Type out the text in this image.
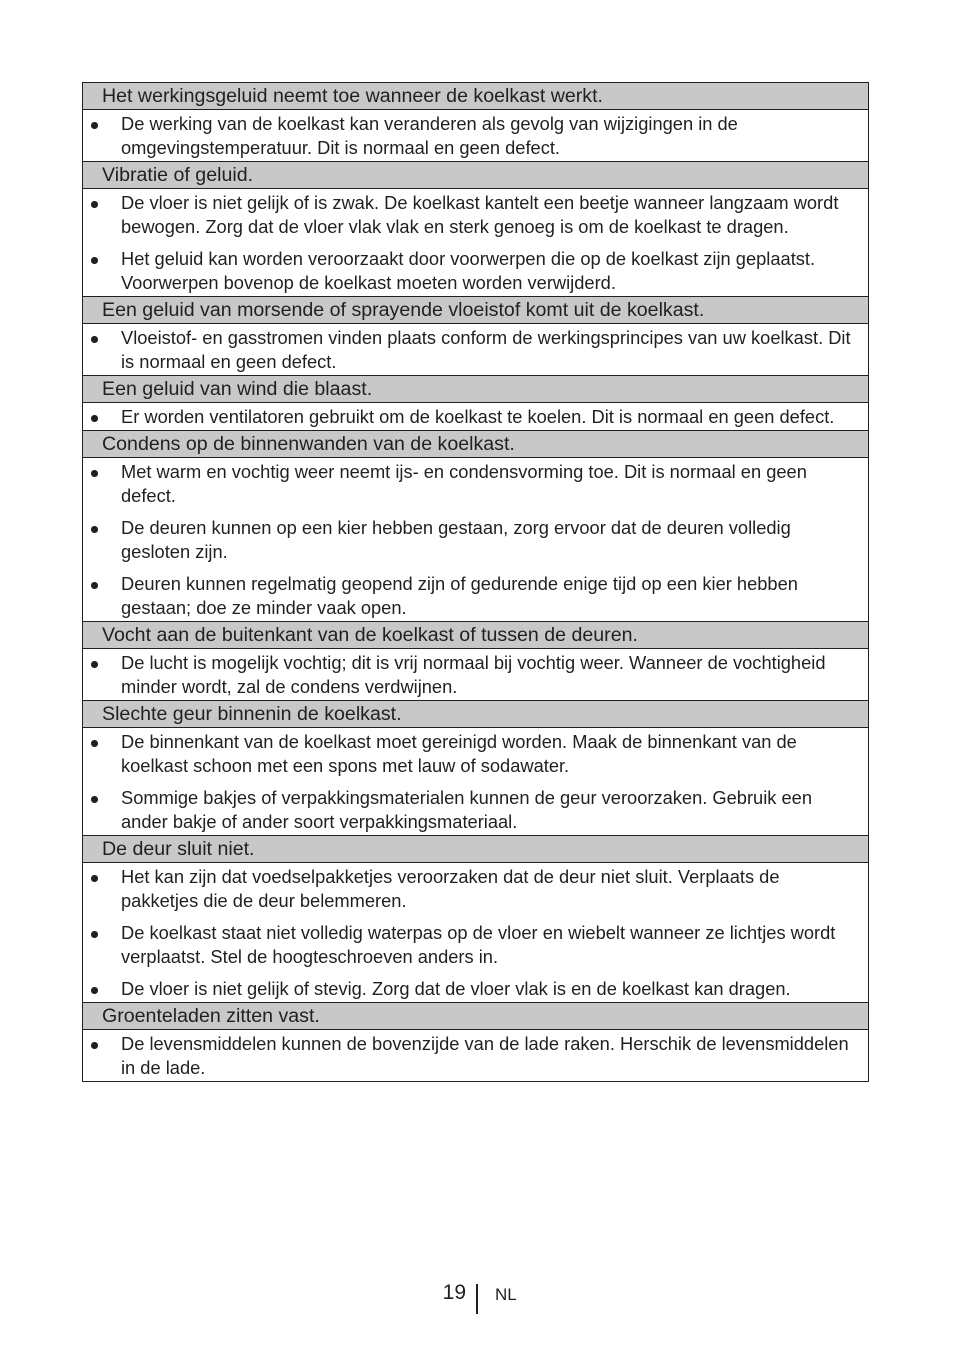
Het werkingsgeluid neemt toe wanneer de koelkast werkt.
De werking van de koelkast kan veranderen als gevolg van wijzigingen in de
omgevingstemperatuur. Dit is normaal en geen defect.
Vibratie of geluid.
De vloer is niet gelijk of is zwak. De koelkast kantelt een beetje wanneer langzaam wordt
bewogen. Zorg dat de vloer vlak vlak en sterk genoeg is om de koelkast te dragen.
Het geluid kan worden veroorzaakt door voorwerpen die op de koelkast zijn geplaatst.
Voorwerpen bovenop de koelkast moeten worden verwijderd.
Een geluid van morsende of sprayende vloeistof komt uit de koelkast.
Vloeistof- en gasstromen vinden plaats conform de werkingsprincipes van uw koelkast. Dit
is normaal en geen defect.
Een geluid van wind die blaast.
Er worden ventilatoren gebruikt om de koelkast te koelen. Dit is normaal en geen defect.
Condens op de binnenwanden van de koelkast.
Met warm en vochtig weer neemt ijs- en condensvorming toe. Dit is normaal en geen
defect.
De deuren kunnen op een kier hebben gestaan, zorg ervoor dat de deuren volledig
gesloten zijn.
Deuren kunnen regelmatig geopend zijn of gedurende enige tijd op een kier hebben
gestaan; doe ze minder vaak open.
Vocht aan de buitenkant van de koelkast of tussen de deuren.
De lucht is mogelijk vochtig; dit is vrij normaal bij vochtig weer. Wanneer de vochtigheid
minder wordt, zal de condens verdwijnen.
Slechte geur binnenin de koelkast.
De binnenkant van de koelkast moet gereinigd worden. Maak de binnenkant van de
koelkast schoon met een spons met lauw of sodawater.
Sommige bakjes of verpakkingsmaterialen kunnen de geur veroorzaken. Gebruik een
ander bakje of ander soort verpakkingsmateriaal.
De deur sluit niet.
Het kan zijn dat voedselpakketjes veroorzaken dat de deur niet sluit. Verplaats de
pakketjes die de deur belemmeren.
De koelkast staat niet volledig waterpas op de vloer en wiebelt wanneer ze lichtjes wordt
verplaatst. Stel de hoogteschroeven anders in.
De vloer is niet gelijk of stevig. Zorg dat de vloer vlak is en de koelkast kan dragen.
Groenteladen zitten vast.
De levensmiddelen kunnen de bovenzijde van de lade raken. Herschik de levensmiddelen
in de lade.
19 NL
